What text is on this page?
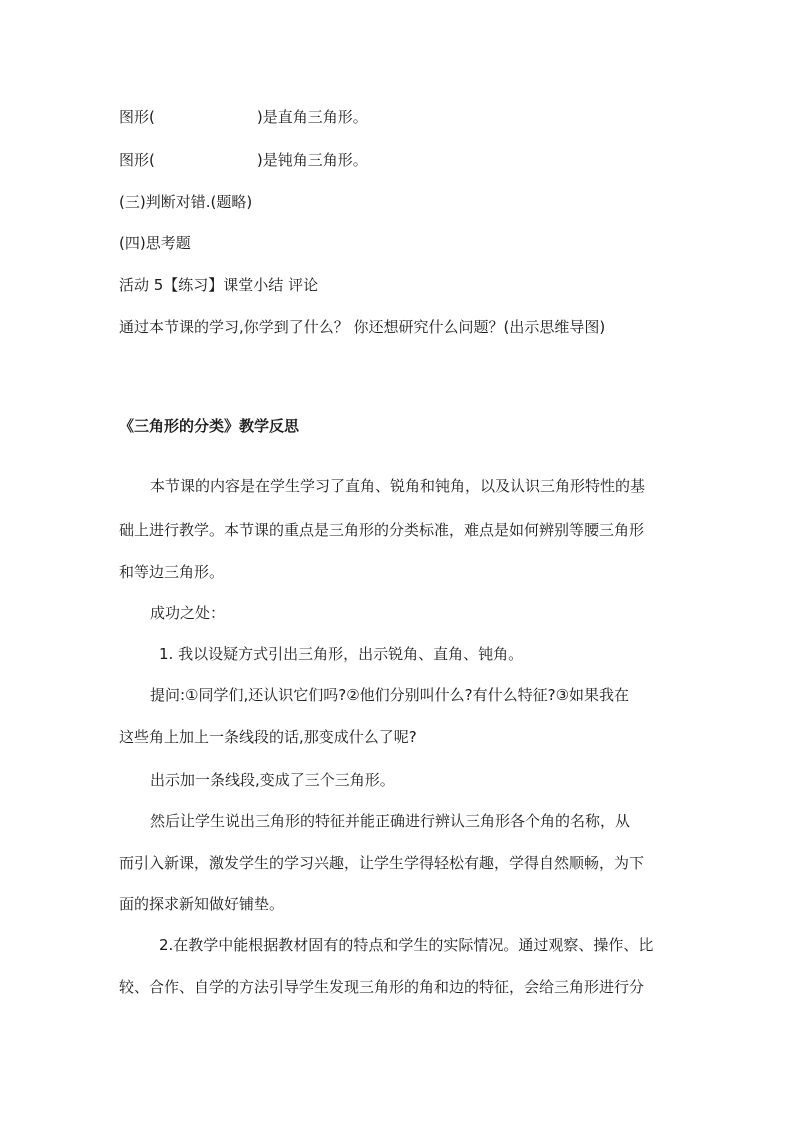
图形(	)是直角三角形。
图形(	)是钝角三角形。
(三)判断对错.(题略)
(四)思考题
活动 5【练习】课堂小结 评论
通过本节课的学习,你学到了什么？ 你还想研究什么问题？(出示思维导图)
《三角形的分类》教学反思
本节课的内容是在学生学习了直角、锐角和钝角，以及认识三角形特性的基
础上进行教学。本节课的重点是三角形的分类标准，难点是如何辨别等腰三角形
和等边三角形。
成功之处：
1. 我以设疑方式引出三角形，出示锐角、直角、钝角。
提问:①同学们,还认识它们吗?②他们分别叫什么?有什么特征?③如果我在
这些角上加上一条线段的话,那变成什么了呢?
出示加一条线段,变成了三个三角形。
然后让学生说出三角形的特征并能正确进行辨认三角形各个角的名称，从
而引入新课，激发学生的学习兴趣，让学生学得轻松有趣，学得自然顺畅，为下
面的探求新知做好铺垫。
2.在教学中能根据教材固有的特点和学生的实际情况。通过观察、操作、比
较、合作、自学的方法引导学生发现三角形的角和边的特征，会给三角形进行分
